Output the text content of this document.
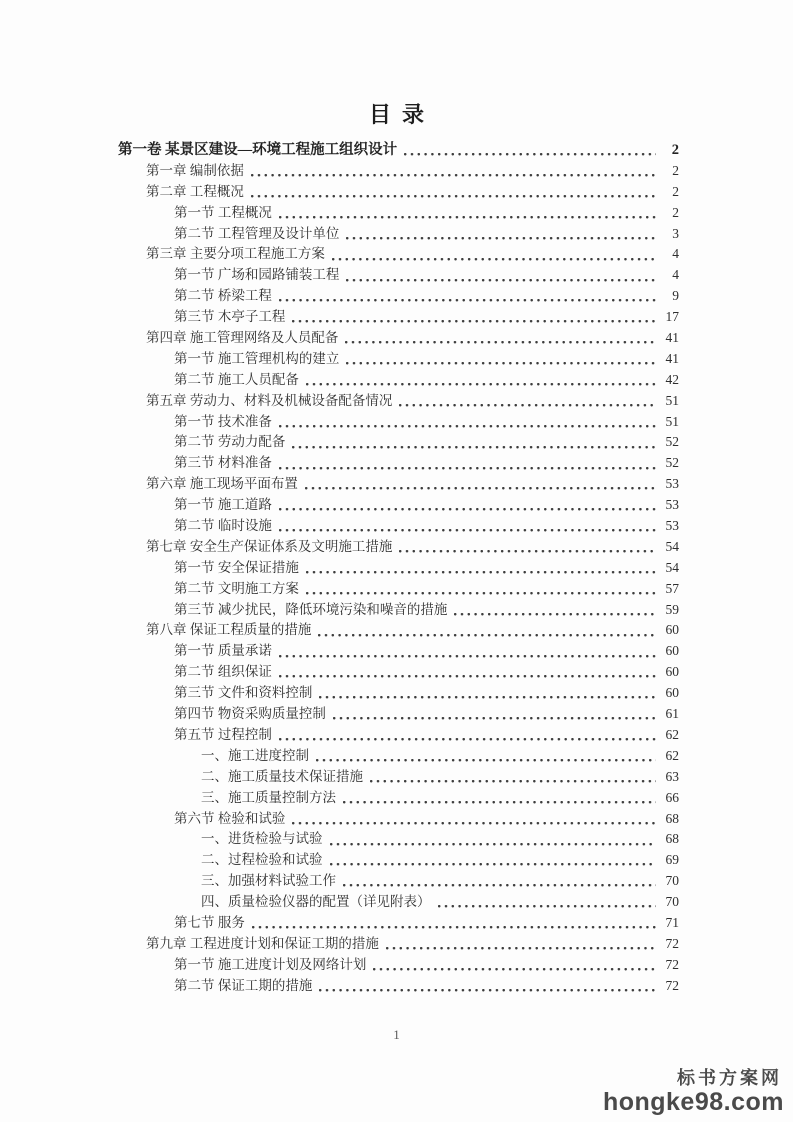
目  录
第一卷 某景区建设—环境工程施工组织设计	2
第一章 编制依据	2
第二章 工程概况	2
第一节 工程概况	2
第二节 工程管理及设计单位	3
第三章 主要分项工程施工方案	4
第一节 广场和园路铺装工程	4
第二节 桥梁工程	9
第三节 木亭子工程	17
第四章 施工管理网络及人员配备	41
第一节 施工管理机构的建立	41
第二节 施工人员配备	42
第五章 劳动力、材料及机械设备配备情况	51
第一节 技术准备	51
第二节 劳动力配备	52
第三节 材料准备	52
第六章 施工现场平面布置	53
第一节 施工道路	53
第二节 临时设施	53
第七章 安全生产保证体系及文明施工措施	54
第一节 安全保证措施	54
第二节 文明施工方案	57
第三节 减少扰民，降低环境污染和噪音的措施	59
第八章 保证工程质量的措施	60
第一节 质量承诺	60
第二节 组织保证	60
第三节 文件和资料控制	60
第四节 物资采购质量控制	61
第五节 过程控制	62
一、施工进度控制	62
二、施工质量技术保证措施	63
三、施工质量控制方法	66
第六节 检验和试验	68
一、进货检验与试验	68
二、过程检验和试验	69
三、加强材料试验工作	70
四、质量检验仪器的配置（详见附表）	70
第七节 服务	71
第九章 工程进度计划和保证工期的措施	72
第一节 施工进度计划及网络计划	72
第二节 保证工期的措施	72
1
标书方案网
hongke98.com
